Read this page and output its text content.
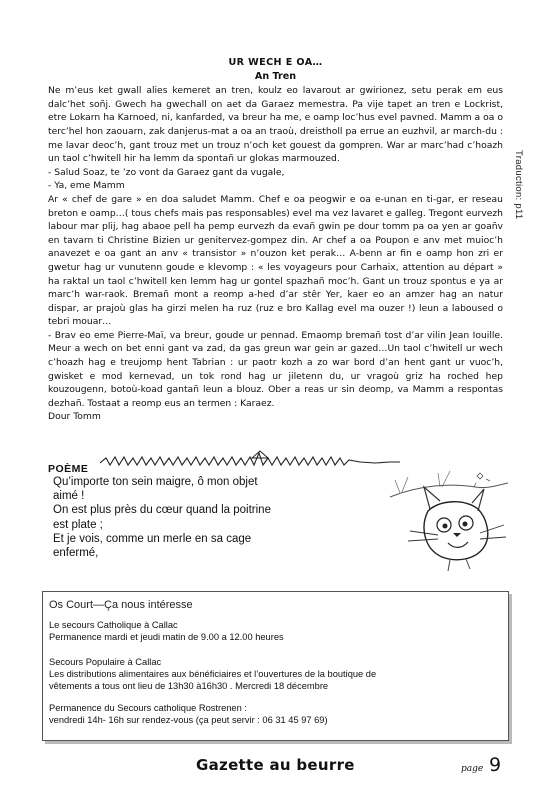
UR WECH E OA…
An Tren

Ne m’eus ket gwall alies kemeret an tren, koulz eo lavarout ar gwirionez, setu perak em eus dalc’het soñj. Gwech ha gwechall on aet da Garaez memestra. Pa vije tapet an tren e Lockrist, etre Lokarn ha Karnoed, ni, kanfarded, va breur ha me, e oamp loc’hus evel pavned. Mamm a oa o terc’hel hon zaouarn, zak danjerus-mat a oa an traoù, dreistholl pa errue an euzhvil, ar march-du : me lavar deoc’h, gant trouz met un trouz n’och ket gouest da gompren. War ar marc’had c’hoazh un taol c’hwitell hir ha lemm da spontañ ur glokas marmouzed.

- Salud Soaz, te ’zo vont da Garaez gant da vugale,

- Ya, eme Mamm

Ar « chef de gare » en doa saludet Mamm. Chef e oa peogwir e oa e-unan en ti-gar, er reseau breton e oamp…( tous chefs mais pas responsables) evel ma vez lavaret e galleg. Tregont eurvezh labour mar plij, hag abaoe pell ha pemp eurvezh da evañ gwin pe dour tomm pa oa yen ar goañv en tavarn ti Christine Bizien ur genitervez-gompez din. Ar chef a oa Poupon e anv met muioc’h anavezet e oa gant an anv « transistor » n’ouzon ket perak… A-benn ar fin e oamp hon zri er gwetur hag ur vunutenn goude e klevomp : « les voyageurs pour Carhaix, attention au départ » ha raktal un taol c’hwitell ken lemm hag ur gontel spazhañ moc’h. Gant un trouz spontus e ya ar marc’h war-raok. Bremañ mont a reomp a-hed d’ar stêr Yer, kaer eo an amzer hag an natur dispar, ar prajoù glas ha girzi melen ha ruz (ruz e bro Kallag evel ma ouzer !) leun a laboused o tebri mouar…

- Brav eo eme Pierre-Maï, va breur, goude ur pennad. Emaomp bremañ tost d’ar vilin Jean Iouille. Meur a wech on bet enni gant va zad, da gas greun war gein ar gazed…Un taol c’hwitell ur wech c’hoazh hag e treujomp hent Tabrian : ur paotr kozh a zo war bord d’an hent gant ur vuoc’h, gwisket e mod kernevad, un tok rond hag ur jiletenn du, ur vragoù griz ha roched hep kouzougenn, botoù-koad gantañ leun a blouz. Ober a reas ur sin deomp, va Mamm a respontas dezhañ. Tostaat a reomp eus an termen : Karaez.

Dour Tomm
Traduction: p11
POÈME
Qu’importe ton sein maigre, ô mon objet
aimé !
On est plus près du cœur quand la poitrine
est plate ;
Et je vois, comme un merle en sa cage
enfermé,
Os Court—Ça nous intéresse
Le secours Catholique à Callac
Permanence mardi et jeudi matin de 9.00 a 12.00 heures
Secours Populaire à Callac
Les distributions alimentaires aux bénéficiaires et l’ouvertures de la boutique de
vêtements a tous ont lieu de 13h30 à16h30 . Mercredi 18 décembre
Permanence du Secours catholique Rostrenen :
vendredi 14h- 16h sur rendez-vous (ça peut servir : 06 31 45 97 69)
Gazette au beurre	page 9
